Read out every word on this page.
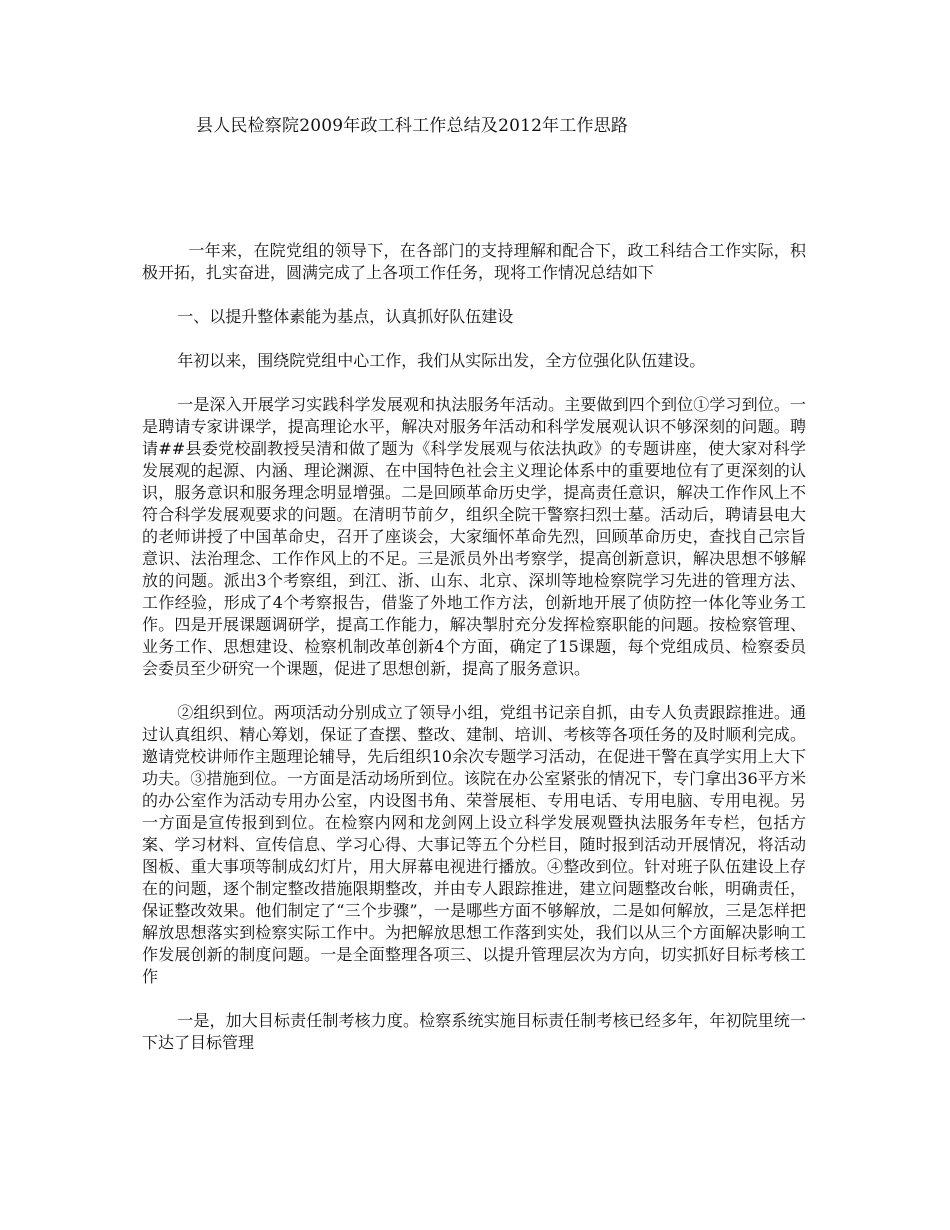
县人民检察院2009年政工科工作总结及2012年工作思路

一年来，在院党组的领导下，在各部门的支持理解和配合下，政工科结合工作实际，积极开拓，扎实奋进，圆满完成了上各项工作任务，现将工作情况总结如下

一、以提升整体素能为基点，认真抓好队伍建设

年初以来，围绕院党组中心工作，我们从实际出发，全方位强化队伍建设。

一是深入开展学习实践科学发展观和执法服务年活动。主要做到四个到位①学习到位。一是聘请专家讲课学，提高理论水平，解决对服务年活动和科学发展观认识不够深刻的问题。聘请##县委党校副教授吴清和做了题为《科学发展观与依法执政》的专题讲座，使大家对科学发展观的起源、内涵、理论渊源、在中国特色社会主义理论体系中的重要地位有了更深刻的认识，服务意识和服务理念明显增强。二是回顾革命历史学，提高责任意识，解决工作作风上不符合科学发展观要求的问题。在清明节前夕，组织全院干警察扫烈士墓。活动后，聘请县电大的老师讲授了中国革命史，召开了座谈会，大家缅怀革命先烈，回顾革命历史，查找自己宗旨意识、法治理念、工作作风上的不足。三是派员外出考察学，提高创新意识，解决思想不够解放的问题。派出3个考察组，到江、浙、山东、北京、深圳等地检察院学习先进的管理方法、工作经验，形成了4个考察报告，借鉴了外地工作方法，创新地开展了侦防控一体化等业务工作。四是开展课题调研学，提高工作能力，解决掣肘充分发挥检察职能的问题。按检察管理、业务工作、思想建设、检察机制改革创新4个方面，确定了15课题，每个党组成员、检察委员会委员至少研究一个课题，促进了思想创新，提高了服务意识。

②组织到位。两项活动分别成立了领导小组，党组书记亲自抓，由专人负责跟踪推进。通过认真组织、精心筹划，保证了查摆、整改、建制、培训、考核等各项任务的及时顺利完成。邀请党校讲师作主题理论辅导，先后组织10余次专题学习活动，在促进干警在真学实用上大下功夫。③措施到位。一方面是活动场所到位。该院在办公室紧张的情况下，专门拿出36平方米的办公室作为活动专用办公室，内设图书角、荣誉展柜、专用电话、专用电脑、专用电视。另一方面是宣传报到到位。在检察内网和龙剑网上设立科学发展观暨执法服务年专栏，包括方案、学习材料、宣传信息、学习心得、大事记等五个分栏目，随时报到活动开展情况，将活动图板、重大事项等制成幻灯片，用大屏幕电视进行播放。④整改到位。针对班子队伍建设上存在的问题，逐个制定整改措施限期整改，并由专人跟踪推进，建立问题整改台帐，明确责任，保证整改效果。他们制定了“三个步骤”，一是哪些方面不够解放，二是如何解放，三是怎样把解放思想落实到检察实际工作中。为把解放思想工作落到实处，我们以从三个方面解决影响工作发展创新的制度问题。一是全面整理各项三、以提升管理层次为方向，切实抓好目标考核工作

一是，加大目标责任制考核力度。检察系统实施目标责任制考核已经多年，年初院里统一下达了目标管理
